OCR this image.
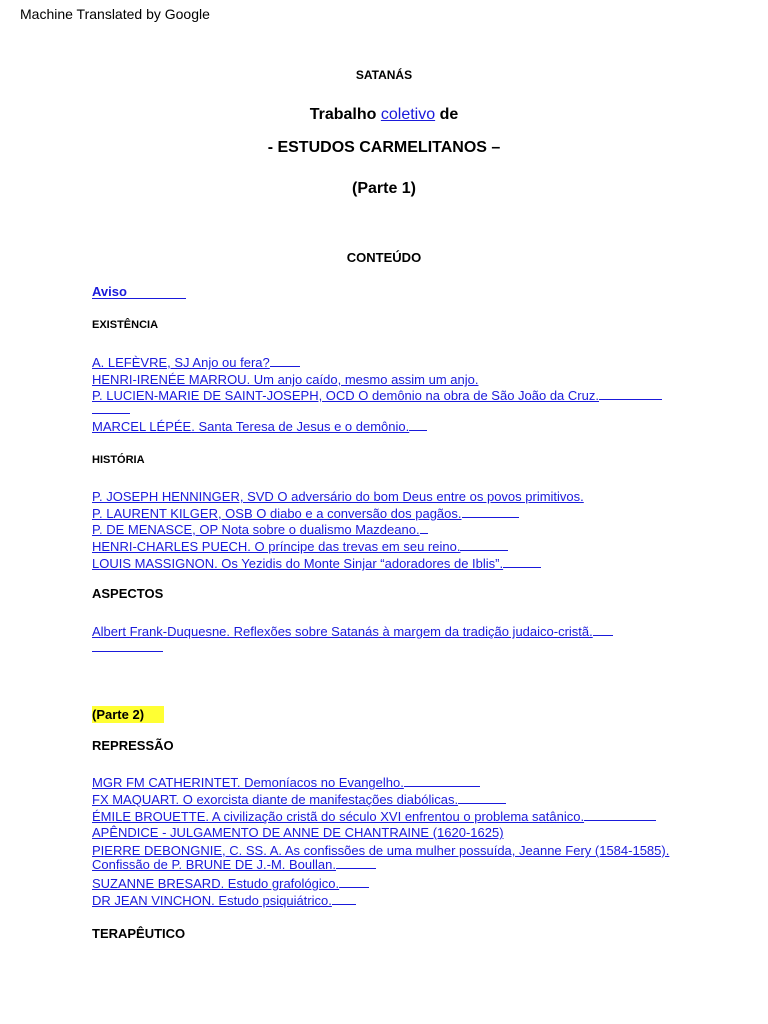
Machine Translated by Google
SATANÁS
Trabalho coletivo de
- ESTUDOS CARMELITANOS –
(Parte 1)
CONTEÚDO
Aviso
EXISTÊNCIA
A. LEFÈVRE, SJ Anjo ou fera?
HENRI-IRENÉE MARROU. Um anjo caído, mesmo assim um anjo.
P. LUCIEN-MARIE DE SAINT-JOSEPH, OCD O demônio na obra de São João da Cruz.
MARCEL LÉPÉE. Santa Teresa de Jesus e o demônio.
HISTÓRIA
P. JOSEPH HENNINGER, SVD O adversário do bom Deus entre os povos primitivos.
P. LAURENT KILGER, OSB O diabo e a conversão dos pagãos.
P. DE MENASCE, OP Nota sobre o dualismo Mazdeano.
HENRI-CHARLES PUECH. O príncipe das trevas em seu reino.
LOUIS MASSIGNON. Os Yezidis do Monte Sinjar “adoradores de Iblis”.
ASPECTOS
Albert Frank-Duquesne. Reflexões sobre Satanás à margem da tradição judaico-cristã.
(Parte 2)
REPRESSÃO
MGR FM CATHERINTET. Demoníacos no Evangelho.
FX MAQUART. O exorcista diante de manifestações diabólicas.
ÉMILE BROUETTE. A civilização cristã do século XVI enfrentou o problema satânico.
APÊNDICE - JULGAMENTO DE ANNE DE CHANTRAINE (1620-1625)
PIERRE DEBONGNIE, C. SS. A. As confissões de uma mulher possuída, Jeanne Fery (1584-1585).
Confissão de P. BRUNE DE J.-M. Boullan.
SUZANNE BRESARD. Estudo grafológico.
DR JEAN VINCHON. Estudo psiquiátrico.
TERAPÊUTICO
